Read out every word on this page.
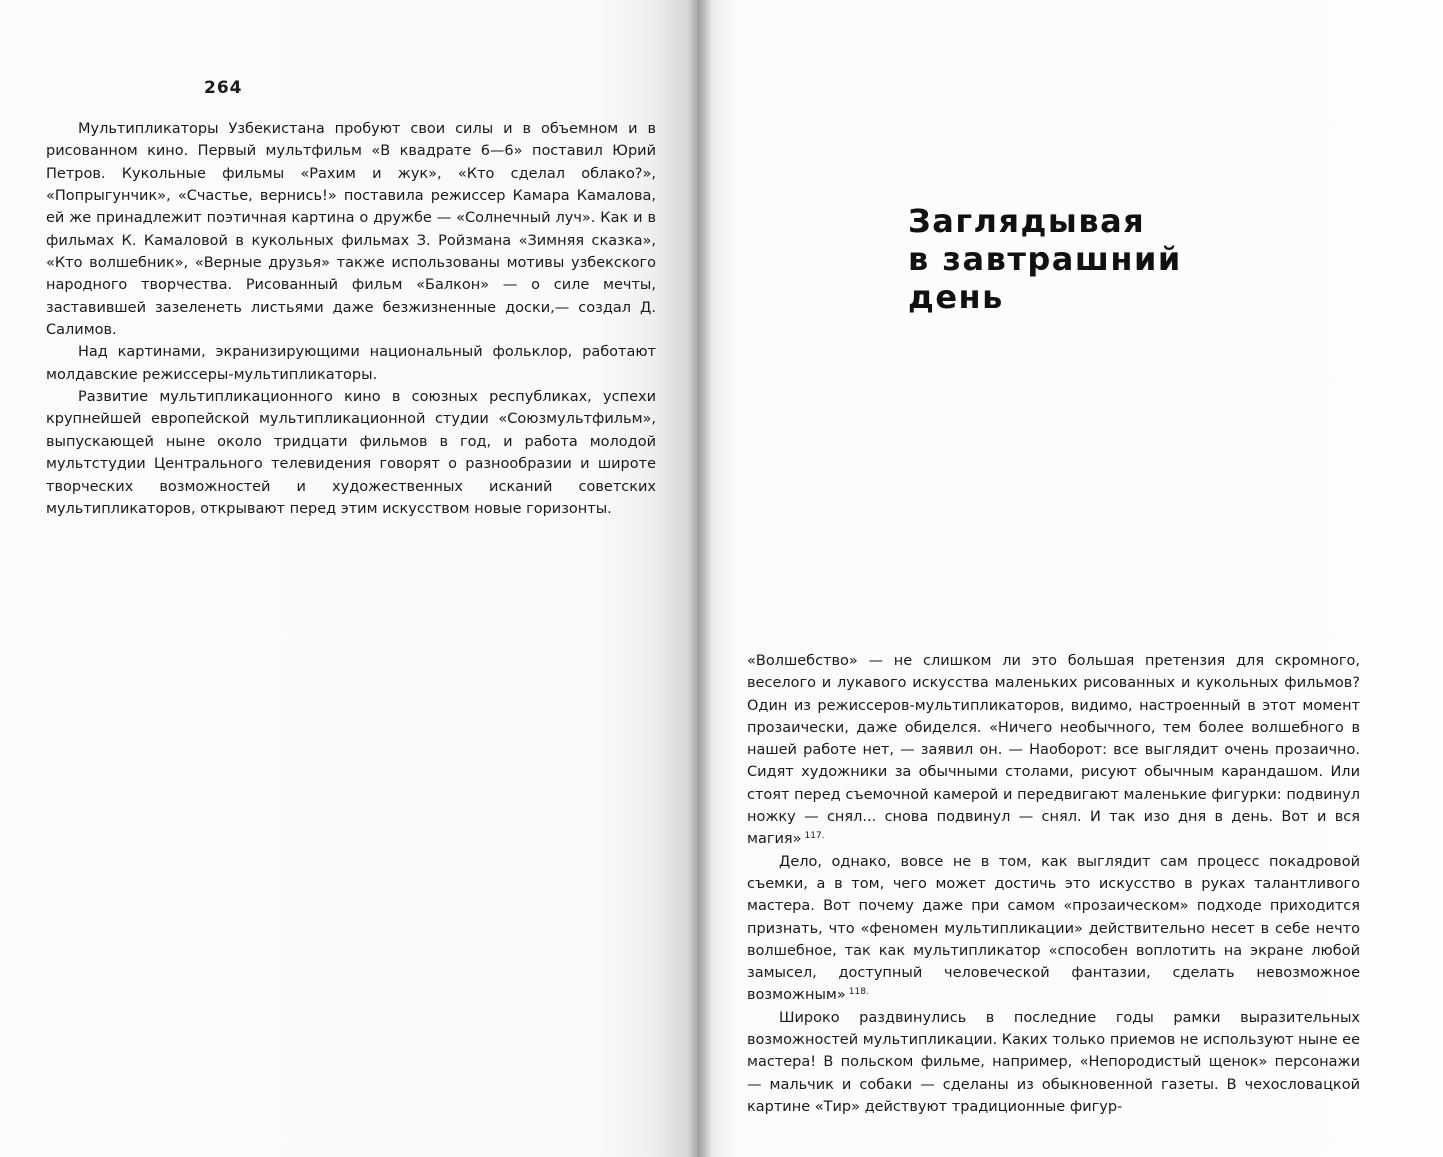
264

Мультипликаторы Узбекистана пробуют свои силы и в объемном и в рисованном кино. Первый мультфильм «В квадрате 6—6» поставил Юрий Петров. Кукольные фильмы «Рахим и жук», «Кто сделал облако?», «Попрыгунчик», «Счастье, вернись!» поставила режиссер Камара Камалова, ей же принадлежит поэтичная картина о дружбе — «Солнечный луч». Как и в фильмах К. Камаловой в кукольных фильмах З. Ройзмана «Зимняя сказка», «Кто волшебник», «Верные друзья» также использованы мотивы узбекского народного творчества. Рисованный фильм «Балкон» — о силе мечты, заставившей зазеленеть листьями даже безжизненные доски,— создал Д. Салимов.

Над картинами, экранизирующими национальный фольклор, работают молдавские режиссеры-мультипликаторы.

Развитие мультипликационного кино в союзных республиках, успехи крупнейшей европейской мультипликационной студии «Союзмультфильм», выпускающей ныне около тридцати фильмов в год, и работа молодой мультстудии Центрального телевидения говорят о разнообразии и широте творческих возможностей и художественных исканий советских мультипликаторов, открывают перед этим искусством новые горизонты.

Заглядывая
в завтрашний
день

«Волшебство» — не слишком ли это большая претензия для скромного, веселого и лукавого искусства маленьких рисованных и кукольных фильмов? Один из режиссеров-мультипликаторов, видимо, настроенный в этот момент прозаически, даже обиделся. «Ничего необычного, тем более волшебного в нашей работе нет, — заявил он. — Наоборот: все выглядит очень прозаично. Сидят художники за обычными столами, рисуют обычным карандашом. Или стоят перед съемочной камерой и передвигают маленькие фигурки: подвинул ножку — снял... снова подвинул — снял. И так изо дня в день. Вот и вся магия» $^{117.}$

Дело, однако, вовсе не в том, как выглядит сам процесс покадровой съемки, а в том, чего может достичь это искусство в руках талантливого мастера. Вот почему даже при самом «прозаическом» подходе приходится признать, что «феномен мультипликации» действительно несет в себе нечто волшебное, так как мультипликатор «способен воплотить на экране любой замысел, доступный человеческой фантазии, сделать невозможное возможным» $^{118.}$

Широко раздвинулись в последние годы рамки выразительных возможностей мультипликации. Каких только приемов не используют ныне ее мастера! В польском фильме, например, «Непородистый щенок» персонажи — мальчик и собаки — сделаны из обыкновенной газеты. В чехословацкой картине «Тир» действуют традиционные фигур-
